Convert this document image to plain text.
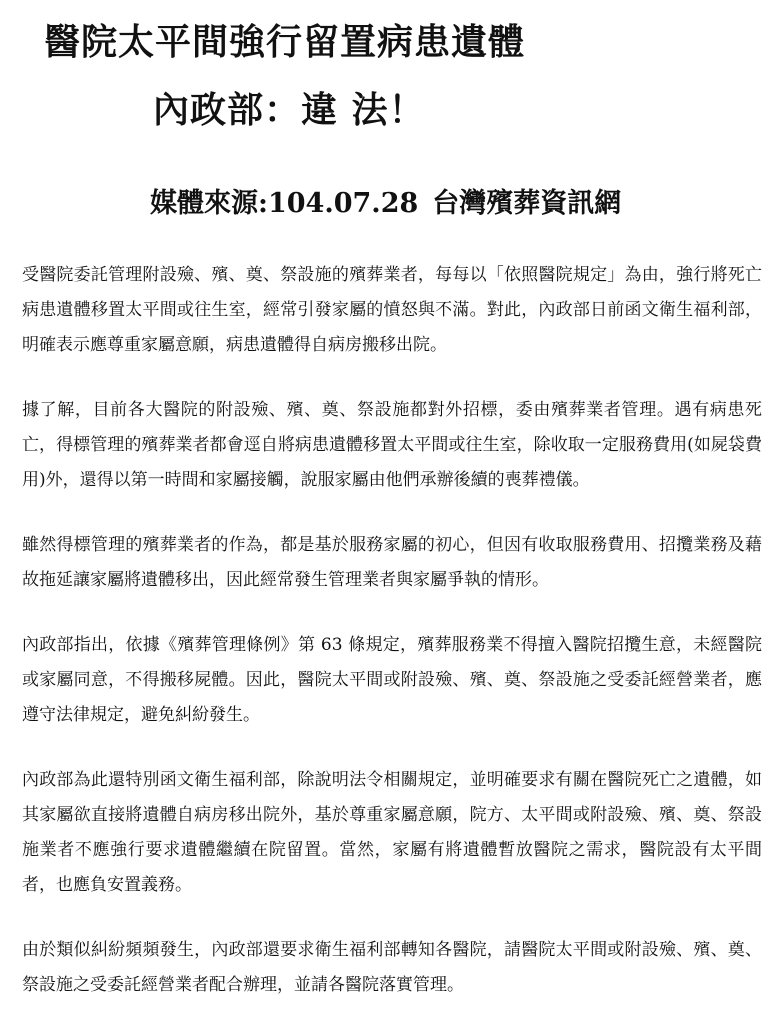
醫院太平間強行留置病患遺體
內政部：違 法！
媒體來源:104.07.28 台灣殯葬資訊網

受醫院委託管理附設殮、殯、奠、祭設施的殯葬業者，每每以「依照醫院規定」為由，強行將死亡病患遺體移置太平間或往生室，經常引發家屬的憤怒與不滿。對此，內政部日前函文衛生福利部，明確表示應尊重家屬意願，病患遺體得自病房搬移出院。

據了解，目前各大醫院的附設殮、殯、奠、祭設施都對外招標，委由殯葬業者管理。遇有病患死亡，得標管理的殯葬業者都會逕自將病患遺體移置太平間或往生室，除收取一定服務費用(如屍袋費用)外，還得以第一時間和家屬接觸，說服家屬由他們承辦後續的喪葬禮儀。

雖然得標管理的殯葬業者的作為，都是基於服務家屬的初心，但因有收取服務費用、招攬業務及藉故拖延讓家屬將遺體移出，因此經常發生管理業者與家屬爭執的情形。

內政部指出，依據《殯葬管理條例》第 63 條規定，殯葬服務業不得擅入醫院招攬生意，未經醫院或家屬同意，不得搬移屍體。因此，醫院太平間或附設殮、殯、奠、祭設施之受委託經營業者，應遵守法律規定，避免糾紛發生。

內政部為此還特別函文衛生福利部，除說明法令相關規定，並明確要求有關在醫院死亡之遺體，如其家屬欲直接將遺體自病房移出院外，基於尊重家屬意願，院方、太平間或附設殮、殯、奠、祭設施業者不應強行要求遺體繼續在院留置。當然，家屬有將遺體暫放醫院之需求，醫院設有太平間者，也應負安置義務。

由於類似糾紛頻頻發生，內政部還要求衛生福利部轉知各醫院，請醫院太平間或附設殮、殯、奠、祭設施之受委託經營業者配合辦理，並請各醫院落實管理。
